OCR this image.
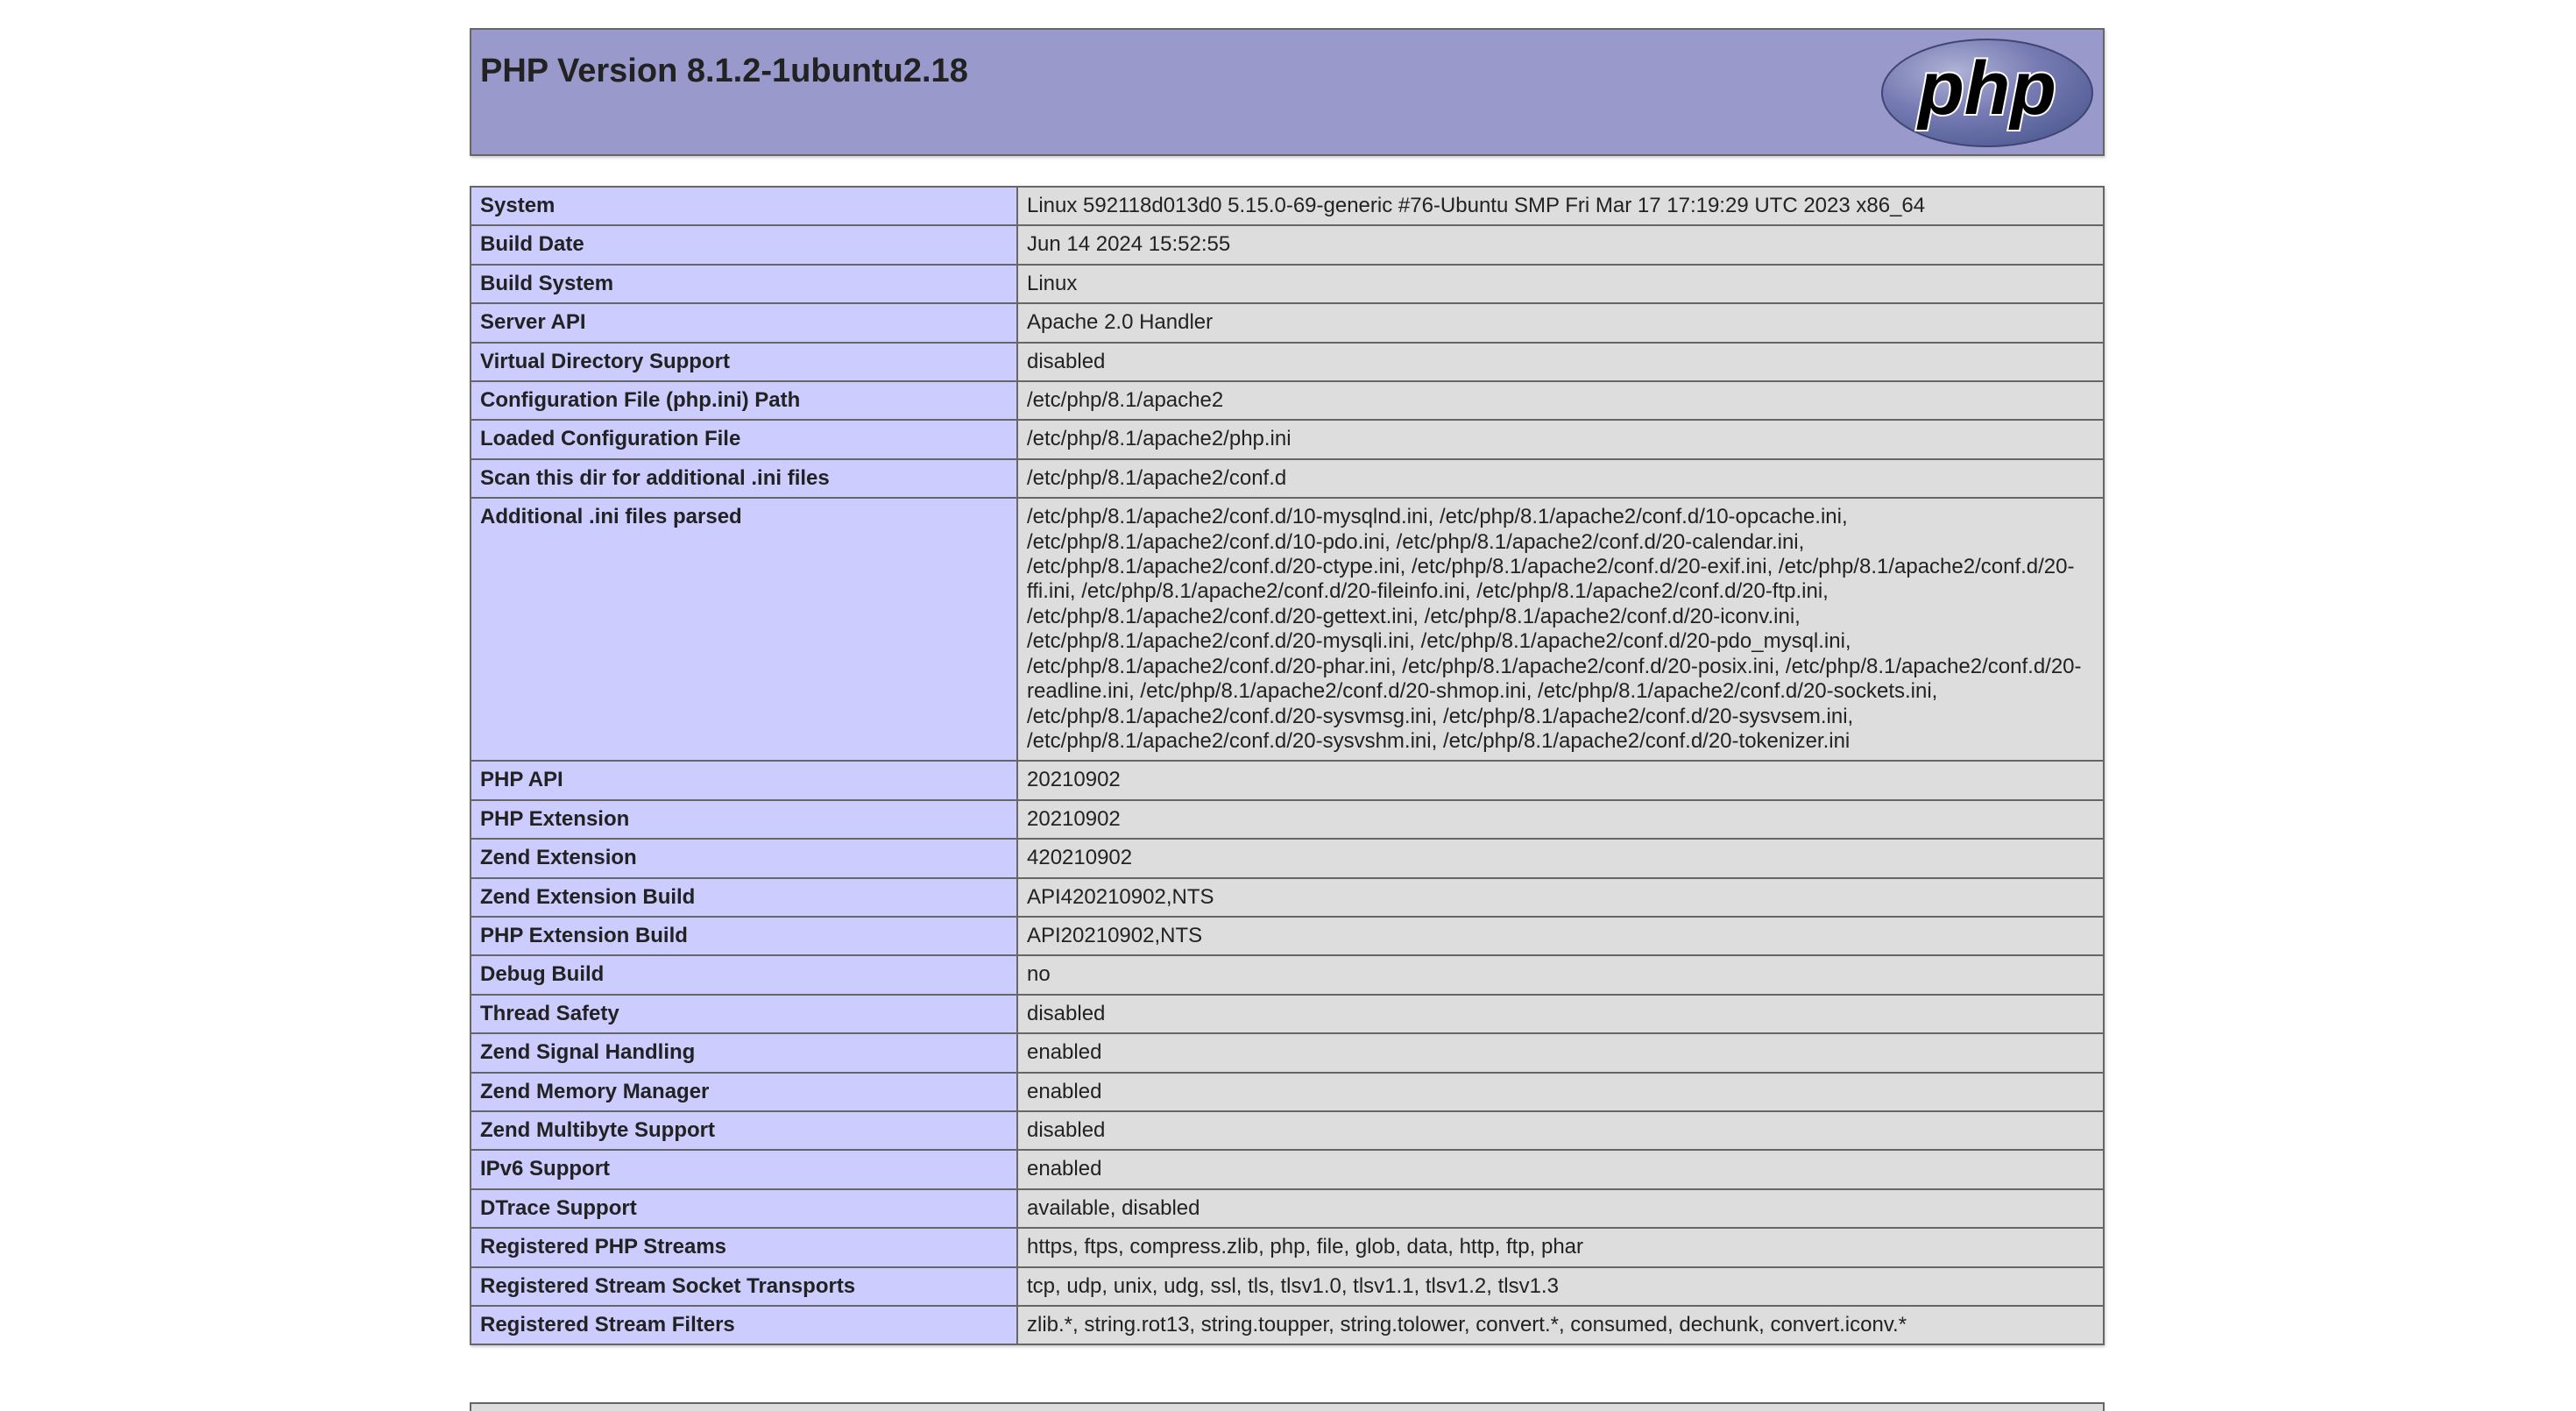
PHP Version 8.1.2-1ubuntu2.18	php
System	Linux 592118d013d0 5.15.0-69-generic #76-Ubuntu SMP Fri Mar 17 17:19:29 UTC 2023 x86_64
Build Date	Jun 14 2024 15:52:55
Build System	Linux
Server API	Apache 2.0 Handler
Virtual Directory Support	disabled
Configuration File (php.ini) Path	/etc/php/8.1/apache2
Loaded Configuration File	/etc/php/8.1/apache2/php.ini
Scan this dir for additional .ini files	/etc/php/8.1/apache2/conf.d
Additional .ini files parsed	/etc/php/8.1/apache2/conf.d/10-mysqlnd.ini, /etc/php/8.1/apache2/conf.d/10-opcache.ini, /etc/php/8.1/apache2/conf.d/10-pdo.ini, /etc/php/8.1/apache2/conf.d/20-calendar.ini, /etc/php/8.1/apache2/conf.d/20-ctype.ini, /etc/php/8.1/apache2/conf.d/20-exif.ini, /etc/php/8.1/apache2/conf.d/20-ffi.ini, /etc/php/8.1/apache2/conf.d/20-fileinfo.ini, /etc/php/8.1/apache2/conf.d/20-ftp.ini, /etc/php/8.1/apache2/conf.d/20-gettext.ini, /etc/php/8.1/apache2/conf.d/20-iconv.ini, /etc/php/8.1/apache2/conf.d/20-mysqli.ini, /etc/php/8.1/apache2/conf.d/20-pdo_mysql.ini, /etc/php/8.1/apache2/conf.d/20-phar.ini, /etc/php/8.1/apache2/conf.d/20-posix.ini, /etc/php/8.1/apache2/conf.d/20-readline.ini, /etc/php/8.1/apache2/conf.d/20-shmop.ini, /etc/php/8.1/apache2/conf.d/20-sockets.ini, /etc/php/8.1/apache2/conf.d/20-sysvmsg.ini, /etc/php/8.1/apache2/conf.d/20-sysvsem.ini, /etc/php/8.1/apache2/conf.d/20-sysvshm.ini, /etc/php/8.1/apache2/conf.d/20-tokenizer.ini
PHP API	20210902
PHP Extension	20210902
Zend Extension	420210902
Zend Extension Build	API420210902,NTS
PHP Extension Build	API20210902,NTS
Debug Build	no
Thread Safety	disabled
Zend Signal Handling	enabled
Zend Memory Manager	enabled
Zend Multibyte Support	disabled
IPv6 Support	enabled
DTrace Support	available, disabled
Registered PHP Streams	https, ftps, compress.zlib, php, file, glob, data, http, ftp, phar
Registered Stream Socket Transports	tcp, udp, unix, udg, ssl, tls, tlsv1.0, tlsv1.1, tlsv1.2, tlsv1.3
Registered Stream Filters	zlib.*, string.rot13, string.toupper, string.tolower, convert.*, consumed, dechunk, convert.iconv.*
